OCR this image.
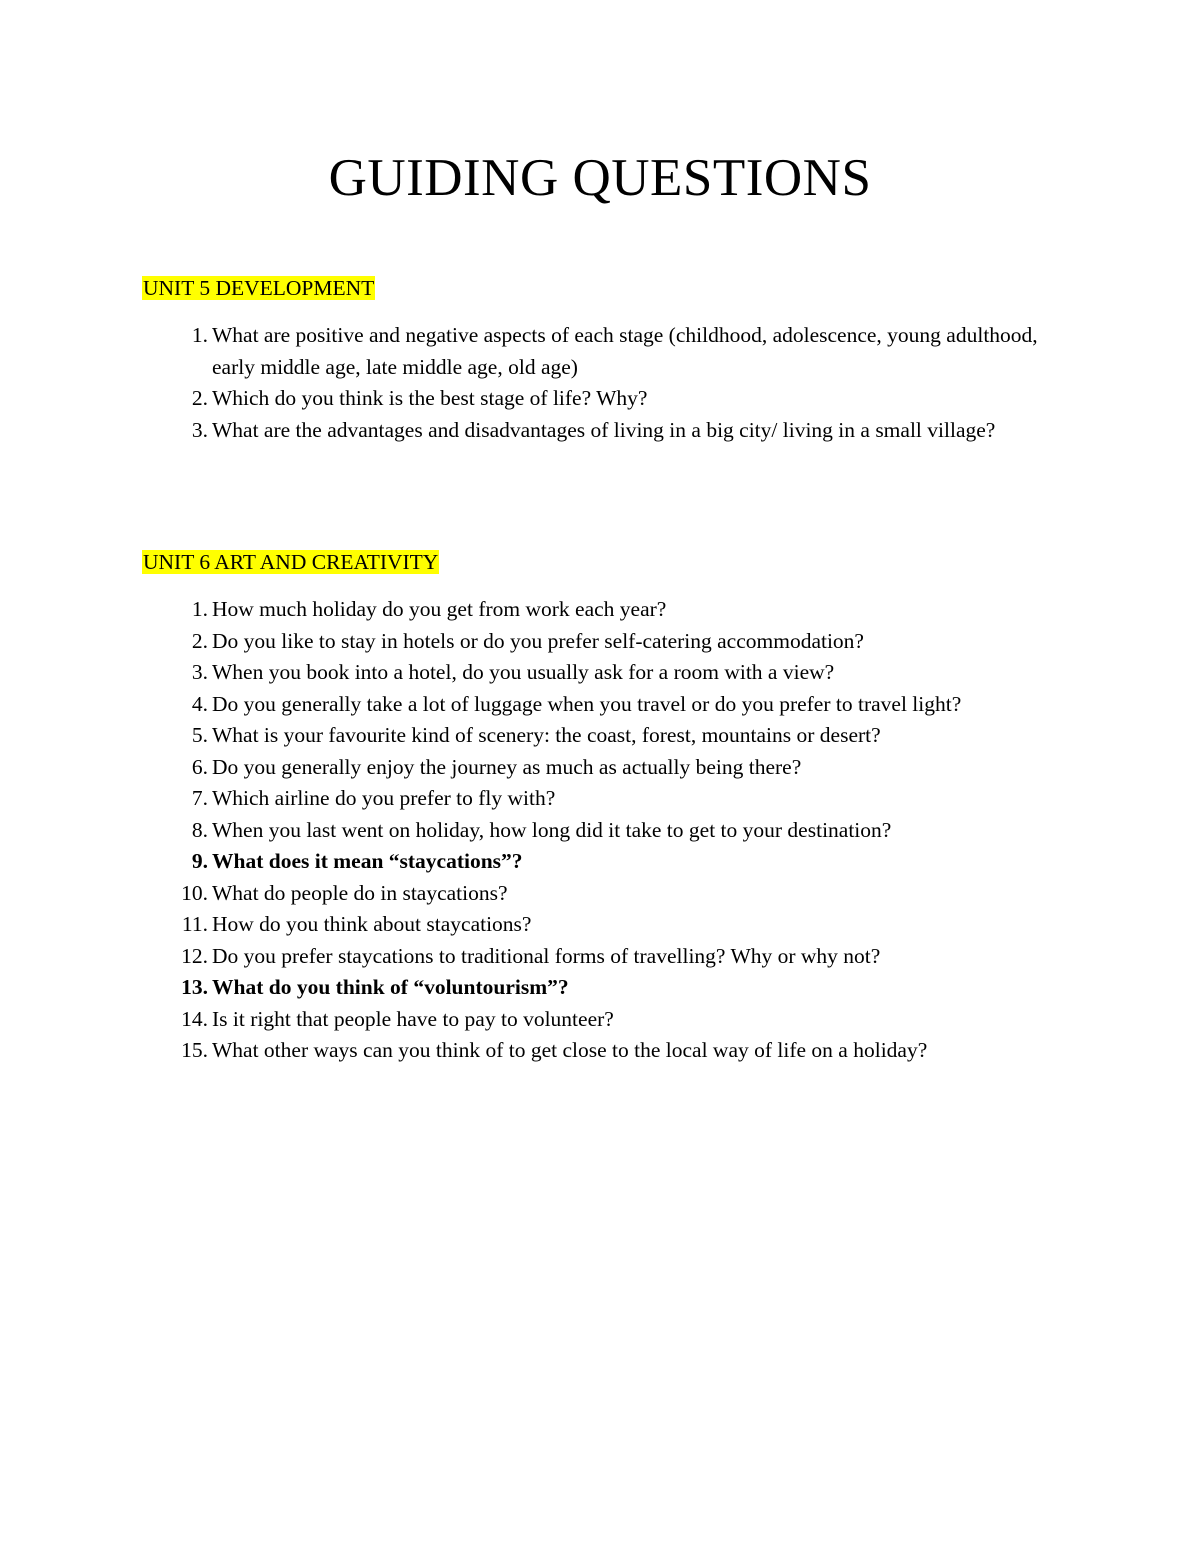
GUIDING QUESTIONS
UNIT 5 DEVELOPMENT
1. What are positive and negative aspects of each stage (childhood, adolescence, young adulthood, early middle age, late middle age, old age)
2. Which do you think is the best stage of life? Why?
3. What are the advantages and disadvantages of living in a big city/ living in a small village?
UNIT 6 ART AND CREATIVITY
1. How much holiday do you get from work each year?
2. Do you like to stay in hotels or do you prefer self-catering accommodation?
3. When you book into a hotel, do you usually ask for a room with a view?
4. Do you generally take a lot of luggage when you travel or do you prefer to travel light?
5. What is your favourite kind of scenery: the coast, forest, mountains or desert?
6. Do you generally enjoy the journey as much as actually being there?
7. Which airline do you prefer to fly with?
8. When you last went on holiday, how long did it take to get to your destination?
9. What does it mean “staycations”?
10. What do people do in staycations?
11. How do you think about staycations?
12. Do you prefer staycations to traditional forms of travelling? Why or why not?
13. What do you think of “voluntourism”?
14. Is it right that people have to pay to volunteer?
15. What other ways can you think of to get close to the local way of life on a holiday?
